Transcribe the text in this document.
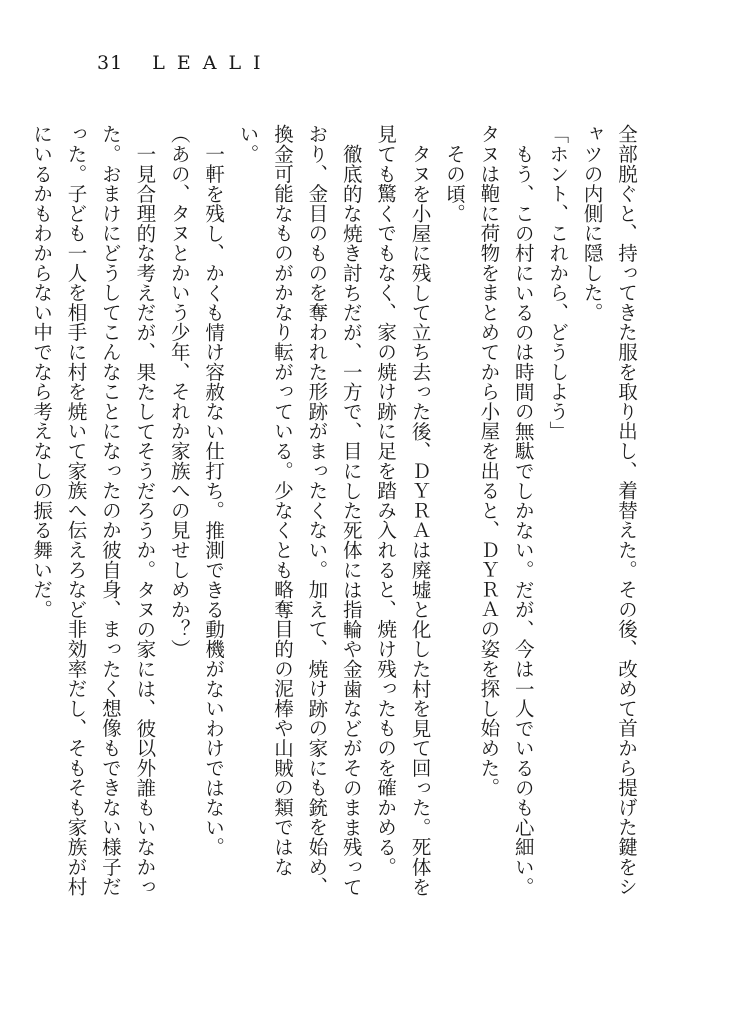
31 LEALI

全部脱ぐと、持ってきた服を取り出し、着替えた。その後、改めて首から提げた鍵をシャツの内側に隠した。

「ホント、これから、どうしよう」

もう、この村にいるのは時間の無駄でしかない。だが、今は一人でいるのも心細い。タヌは鞄に荷物をまとめてから小屋を出ると、ＤＹＲＡの姿を探し始めた。

その頃。

タヌを小屋に残して立ち去った後、ＤＹＲＡは廃墟と化した村を見て回った。死体を見ても驚くでもなく、家の焼け跡に足を踏み入れると、焼け残ったものを確かめる。

徹底的な焼き討ちだが、一方で、目にした死体には指輪や金歯などがそのまま残っており、金目のものを奪われた形跡がまったくない。加えて、焼け跡の家にも銃を始め、換金可能なものがかなり転がっている。少なくとも略奪目的の泥棒や山賊の類ではない。

一軒を残し、かくも情け容赦ない仕打ち。推測できる動機がないわけではない。

（あの、タヌとかいう少年、それか家族への見せしめか？）

一見合理的な考えだが、果たしてそうだろうか。タヌの家には、彼以外誰もいなかった。おまけにどうしてこんなことになったのか彼自身、まったく想像もできない様子だった。子ども一人を相手に村を焼いて家族へ伝えろなど非効率だし、そもそも家族が村にいるかもわからない中でなら考えなしの振る舞いだ。
